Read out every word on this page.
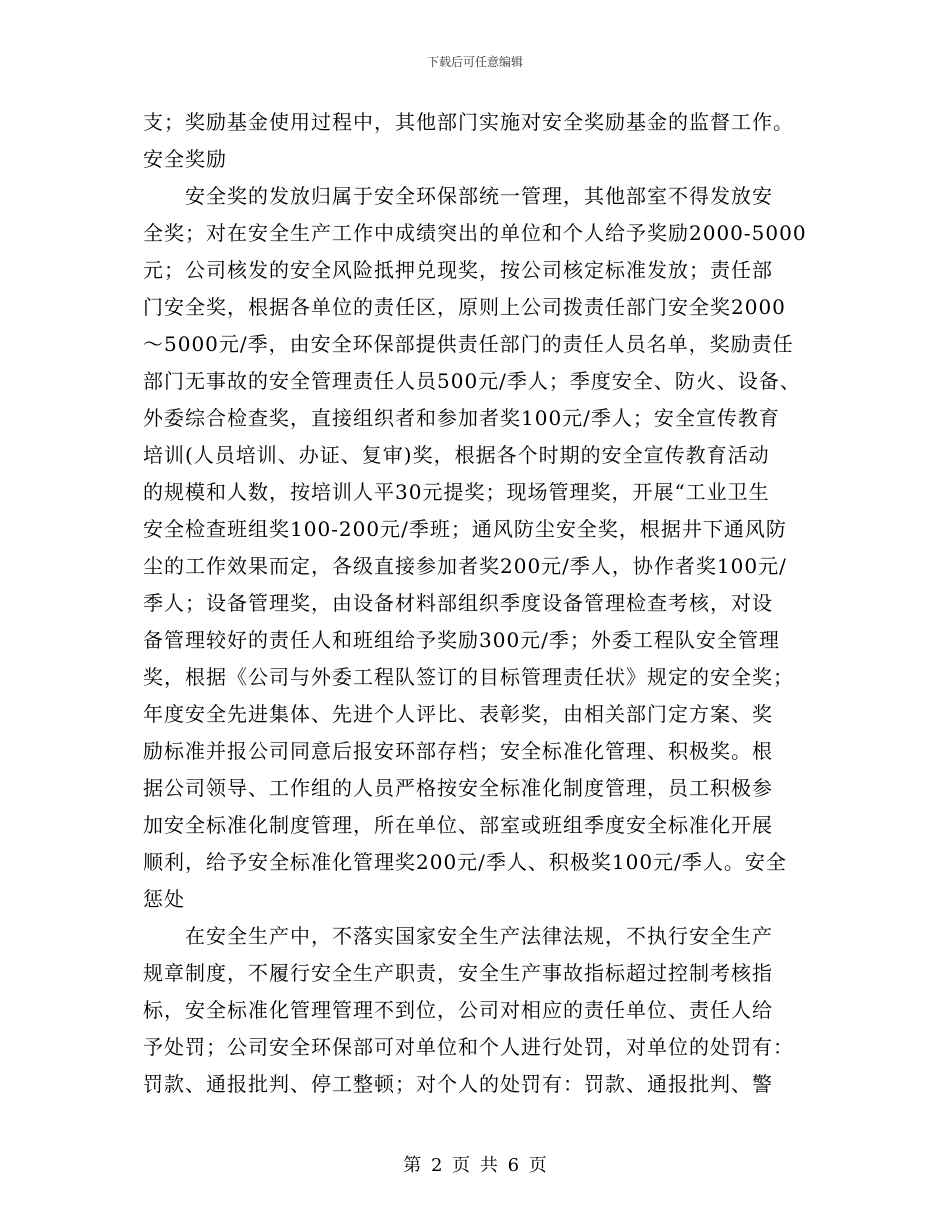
下载后可任意编辑
支；奖励基金使用过程中，其他部门实施对安全奖励基金的监督工作。
安全奖励
安全奖的发放归属于安全环保部统一管理，其他部室不得发放安
全奖；对在安全生产工作中成绩突出的单位和个人给予奖励2000-5000
元；公司核发的安全风险抵押兑现奖，按公司核定标准发放；责任部
门安全奖，根据各单位的责任区，原则上公司拨责任部门安全奖2000
～5000元/季，由安全环保部提供责任部门的责任人员名单，奖励责任
部门无事故的安全管理责任人员500元/季人；季度安全、防火、设备、
外委综合检查奖，直接组织者和参加者奖100元/季人；安全宣传教育
培训(人员培训、办证、复审)奖，根据各个时期的安全宣传教育活动
的规模和人数，按培训人平30元提奖；现场管理奖，开展“工业卫生
安全检查班组奖100-200元/季班；通风防尘安全奖，根据井下通风防
尘的工作效果而定，各级直接参加者奖200元/季人，协作者奖100元/
季人；设备管理奖，由设备材料部组织季度设备管理检查考核，对设
备管理较好的责任人和班组给予奖励300元/季；外委工程队安全管理
奖，根据《公司与外委工程队签订的目标管理责任状》规定的安全奖；
年度安全先进集体、先进个人评比、表彰奖，由相关部门定方案、奖
励标准并报公司同意后报安环部存档；安全标准化管理、积极奖。根
据公司领导、工作组的人员严格按安全标准化制度管理，员工积极参
加安全标准化制度管理，所在单位、部室或班组季度安全标准化开展
顺利，给予安全标准化管理奖200元/季人、积极奖100元/季人。安全
惩处
在安全生产中，不落实国家安全生产法律法规，不执行安全生产
规章制度，不履行安全生产职责，安全生产事故指标超过控制考核指
标，安全标准化管理管理不到位，公司对相应的责任单位、责任人给
予处罚；公司安全环保部可对单位和个人进行处罚，对单位的处罚有：
罚款、通报批判、停工整顿；对个人的处罚有：罚款、通报批判、警
第 2 页 共 6 页
